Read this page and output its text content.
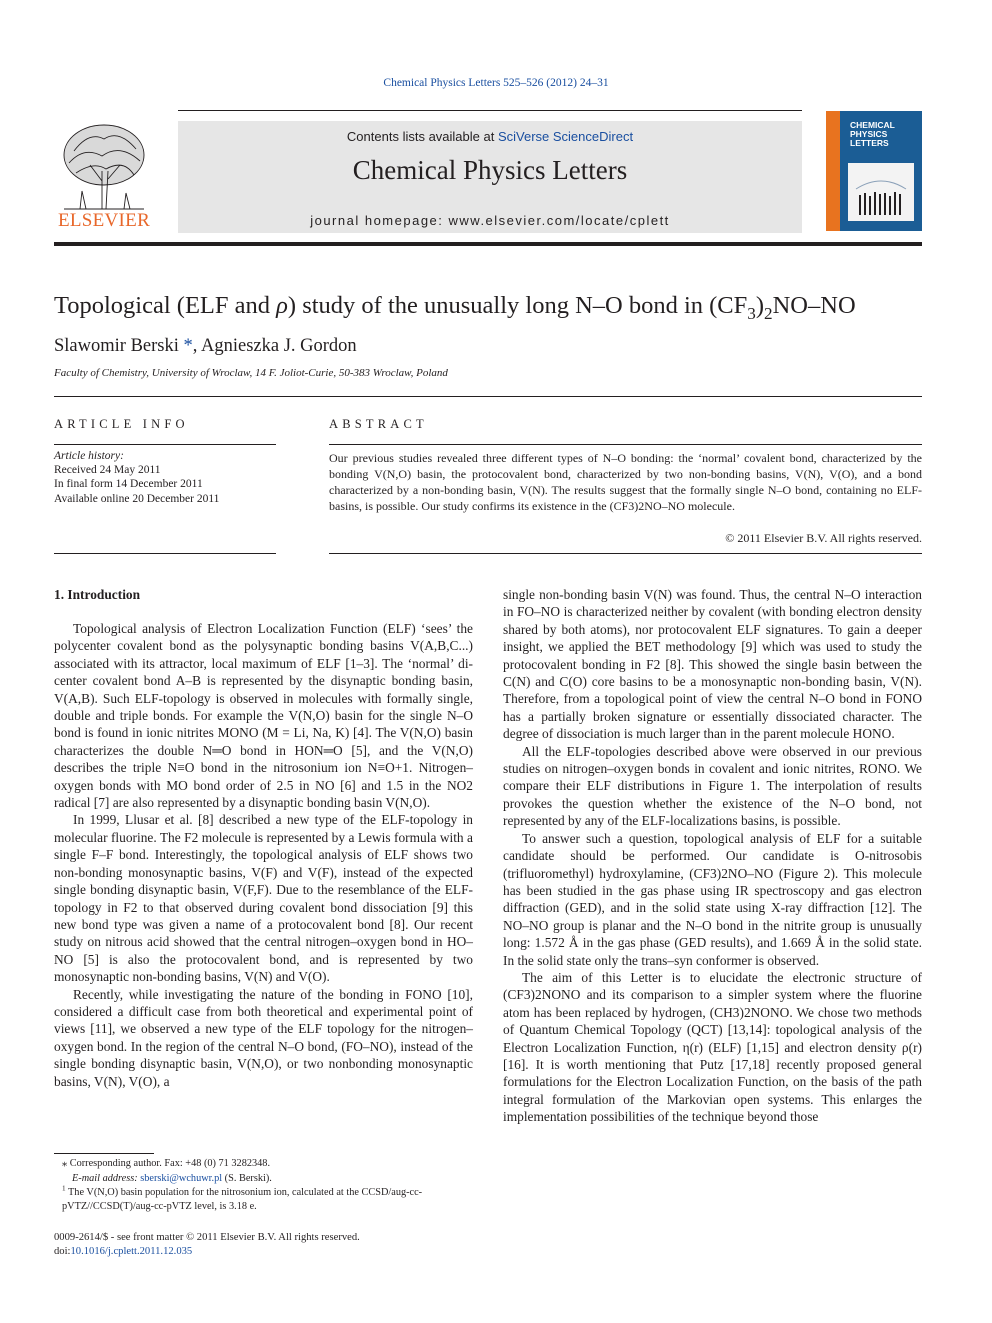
Chemical Physics Letters 525–526 (2012) 24–31
ELSEVIER
Contents lists available at SciVerse ScienceDirect
Chemical Physics Letters
journal homepage: www.elsevier.com/locate/cplett
CHEMICAL
PHYSICS
LETTERS
Topological (ELF and ρ) study of the unusually long N–O bond in $(CF_3)_2NO-NO$
Slawomir Berski *, Agnieszka J. Gordon
Faculty of Chemistry, University of Wroclaw, 14 F. Joliot-Curie, 50-383 Wroclaw, Poland
ARTICLE INFO	ABSTRACT
Article history:
Received 24 May 2011
In final form 14 December 2011
Available online 20 December 2011
Our previous studies revealed three different types of N–O bonding: the ‘normal’ covalent bond, characterized by the bonding V(N,O) basin, the protocovalent bond, characterized by two non-bonding basins, V(N), V(O), and a bond characterized by a non-bonding basin, V(N). The results suggest that the formally single N–O bond, containing no ELF-basins, is possible. Our study confirms its existence in the (CF3)2NO–NO molecule.
© 2011 Elsevier B.V. All rights reserved.
1. Introduction

Topological analysis of Electron Localization Function (ELF) ‘sees’ the polycenter covalent bond as the polysynaptic bonding basins V(A,B,C...) associated with its attractor, local maximum of ELF [1–3]. The ‘normal’ di-center covalent bond A–B is represented by the disynaptic bonding basin, V(A,B). Such ELF-topology is observed in molecules with formally single, double and triple bonds. For example the V(N,O) basin for the single N–O bond is found in ionic nitrites MONO (M = Li, Na, K) [4]. The V(N,O) basin characterizes the double N═O bond in HON═O [5], and the V(N,O) describes the triple N≡O bond in the nitrosonium ion N≡O+1. Nitrogen–oxygen bonds with MO bond order of 2.5 in NO [6] and 1.5 in the NO2 radical [7] are also represented by a disynaptic bonding basin V(N,O).

In 1999, Llusar et al. [8] described a new type of the ELF-topology in molecular fluorine. The F2 molecule is represented by a Lewis formula with a single F–F bond. Interestingly, the topological analysis of ELF shows two non-bonding monosynaptic basins, V(F) and V(F), instead of the expected single bonding disynaptic basin, V(F,F). Due to the resemblance of the ELF-topology in F2 to that observed during covalent bond dissociation [9] this new bond type was given a name of a protocovalent bond [8]. Our recent study on nitrous acid showed that the central nitrogen–oxygen bond in HO–NO [5] is also the protocovalent bond, and is represented by two monosynaptic non-bonding basins, V(N) and V(O).

Recently, while investigating the nature of the bonding in FONO [10], considered a difficult case from both theoretical and experimental point of views [11], we observed a new type of the ELF topology for the nitrogen–oxygen bond. In the region of the central N–O bond, (FO–NO), instead of the single bonding disynaptic basin, V(N,O), or two nonbonding monosynaptic basins, V(N), V(O), a

single non-bonding basin V(N) was found. Thus, the central N–O interaction in FO–NO is characterized neither by covalent (with bonding electron density shared by both atoms), nor protocovalent ELF signatures. To gain a deeper insight, we applied the BET methodology [9] which was used to study the protocovalent bonding in F2 [8]. This showed the single basin between the C(N) and C(O) core basins to be a monosynaptic non-bonding basin, V(N). Therefore, from a topological point of view the central N–O bond in FONO has a partially broken signature or essentially dissociated character. The degree of dissociation is much larger than in the parent molecule HONO.

All the ELF-topologies described above were observed in our previous studies on nitrogen–oxygen bonds in covalent and ionic nitrites, RONO. We compare their ELF distributions in Figure 1. The interpolation of results provokes the question whether the existence of the N–O bond, not represented by any of the ELF-localizations basins, is possible.

To answer such a question, topological analysis of ELF for a suitable candidate should be performed. Our candidate is O-nitrosobis (trifluoromethyl) hydroxylamine, (CF3)2NO–NO (Figure 2). This molecule has been studied in the gas phase using IR spectroscopy and gas electron diffraction (GED), and in the solid state using X-ray diffraction [12]. The NO–NO group is planar and the N–O bond in the nitrite group is unusually long: 1.572 Å in the gas phase (GED results), and 1.669 Å in the solid state. In the solid state only the trans–syn conformer is observed.

The aim of this Letter is to elucidate the electronic structure of (CF3)2NONO and its comparison to a simpler system where the fluorine atom has been replaced by hydrogen, (CH3)2NONO. We chose two methods of Quantum Chemical Topology (QCT) [13,14]: topological analysis of the Electron Localization Function, η(r) (ELF) [1,15] and electron density ρ(r) [16]. It is worth mentioning that Putz [17,18] recently proposed general formulations for the Electron Localization Function, on the basis of the path integral formulation of the Markovian open systems. This enlarges the implementation possibilities of the technique beyond those

⁎ Corresponding author. Fax: +48 (0) 71 3282348.
E-mail address: sberski@wchuwr.pl (S. Berski).
$^1$ The V(N,O) basin population for the nitrosonium ion, calculated at the CCSD/aug-cc-pVTZ//CCSD(T)/aug-cc-pVTZ level, is 3.18 e.
0009-2614/$ - see front matter © 2011 Elsevier B.V. All rights reserved.
doi:10.1016/j.cplett.2011.12.035
